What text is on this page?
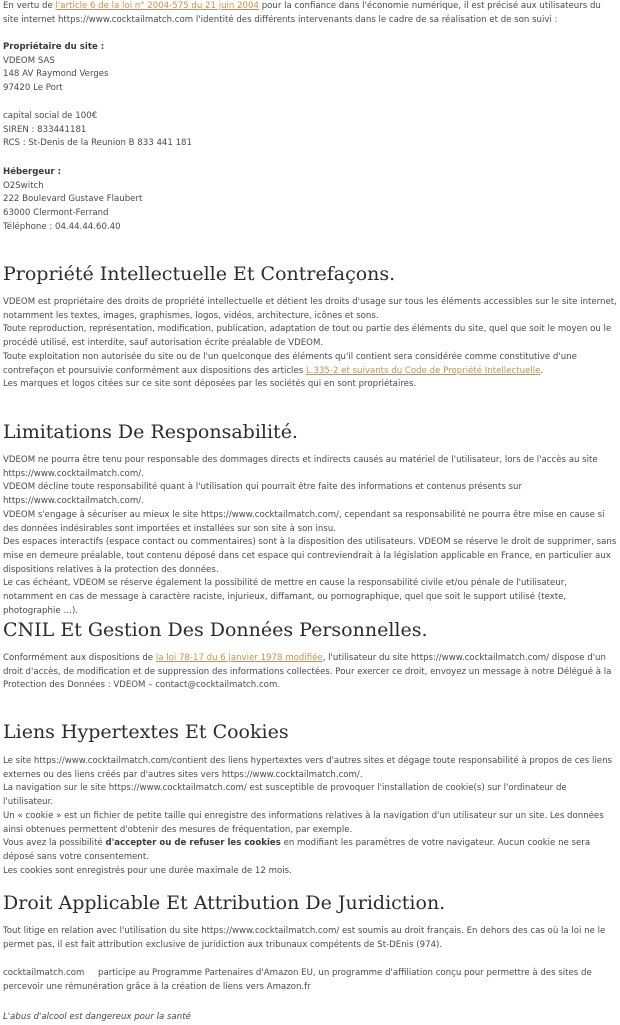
En vertu de l'article 6 de la loi n° 2004-575 du 21 juin 2004 pour la confiance dans l'économie numérique, il est précisé aux utilisateurs du site internet https://www.cocktailmatch.com l'identité des différents intervenants dans le cadre de sa réalisation et de son suivi :

Propriétaire du site :

VDEOM SAS

148 AV Raymond Verges

97420 Le Port

capital social de 100€

SIREN : 833441181

RCS : St-Denis de la Reunion B 833 441 181

Hébergeur :

O2Switch

222 Boulevard Gustave Flaubert

63000 Clermont-Ferrand

Téléphone : 04.44.44.60.40

Propriété Intellectuelle Et Contrefaçons.

VDEOM est propriétaire des droits de propriété intellectuelle et détient les droits d'usage sur tous les éléments accessibles sur le site internet, notamment les textes, images, graphismes, logos, vidéos, architecture, icônes et sons.

Toute reproduction, représentation, modification, publication, adaptation de tout ou partie des éléments du site, quel que soit le moyen ou le procédé utilisé, est interdite, sauf autorisation écrite préalable de VDEOM.

Toute exploitation non autorisée du site ou de l'un quelconque des éléments qu'il contient sera considérée comme constitutive d'une contrefaçon et poursuivie conformément aux dispositions des articles L.335-2 et suivants du Code de Propriété Intellectuelle.

Les marques et logos citées sur ce site sont déposées par les sociétés qui en sont propriétaires.

Limitations De Responsabilité.

VDEOM ne pourra être tenu pour responsable des dommages directs et indirects causés au matériel de l'utilisateur, lors de l'accès au site https://www.cocktailmatch.com/.

VDEOM décline toute responsabilité quant à l'utilisation qui pourrait être faite des informations et contenus présents sur https://www.cocktailmatch.com/.

VDEOM s'engage à sécuriser au mieux le site https://www.cocktailmatch.com/, cependant sa responsabilité ne pourra être mise en cause si des données indésirables sont importées et installées sur son site à son insu.

Des espaces interactifs (espace contact ou commentaires) sont à la disposition des utilisateurs. VDEOM se réserve le droit de supprimer, sans mise en demeure préalable, tout contenu déposé dans cet espace qui contreviendrait à la législation applicable en France, en particulier aux dispositions relatives à la protection des données.

Le cas échéant, VDEOM se réserve également la possibilité de mettre en cause la responsabilité civile et/ou pénale de l'utilisateur, notamment en cas de message à caractère raciste, injurieux, diffamant, ou pornographique, quel que soit le support utilisé (texte, photographie …).

CNIL Et Gestion Des Données Personnelles.

Conformément aux dispositions de la loi 78-17 du 6 janvier 1978 modifiée, l'utilisateur du site https://www.cocktailmatch.com/ dispose d'un droit d'accès, de modification et de suppression des informations collectées. Pour exercer ce droit, envoyez un message à notre Délégué à la Protection des Données : VDEOM – contact@cocktailmatch.com.

Liens Hypertextes Et Cookies

Le site https://www.cocktailmatch.com/contient des liens hypertextes vers d'autres sites et dégage toute responsabilité à propos de ces liens externes ou des liens créés par d'autres sites vers https://www.cocktailmatch.com/.

La navigation sur le site https://www.cocktailmatch.com/ est susceptible de provoquer l'installation de cookie(s) sur l'ordinateur de l'utilisateur.

Un « cookie » est un fichier de petite taille qui enregistre des informations relatives à la navigation d'un utilisateur sur un site. Les données ainsi obtenues permettent d'obtenir des mesures de fréquentation, par exemple.

Vous avez la possibilité d'accepter ou de refuser les cookies en modifiant les paramètres de votre navigateur. Aucun cookie ne sera déposé sans votre consentement.

Les cookies sont enregistrés pour une durée maximale de 12 mois.

Droit Applicable Et Attribution De Juridiction.

Tout litige en relation avec l'utilisation du site https://www.cocktailmatch.com/ est soumis au droit français. En dehors des cas où la loi ne le permet pas, il est fait attribution exclusive de juridiction aux tribunaux compétents de St-DEnis (974).

cocktailmatch.com     participe au Programme Partenaires d'Amazon EU, un programme d'affiliation conçu pour permettre à des sites de percevoir une rémunération grâce à la création de liens vers Amazon.fr

L'abus d'alcool est dangereux pour la santé
